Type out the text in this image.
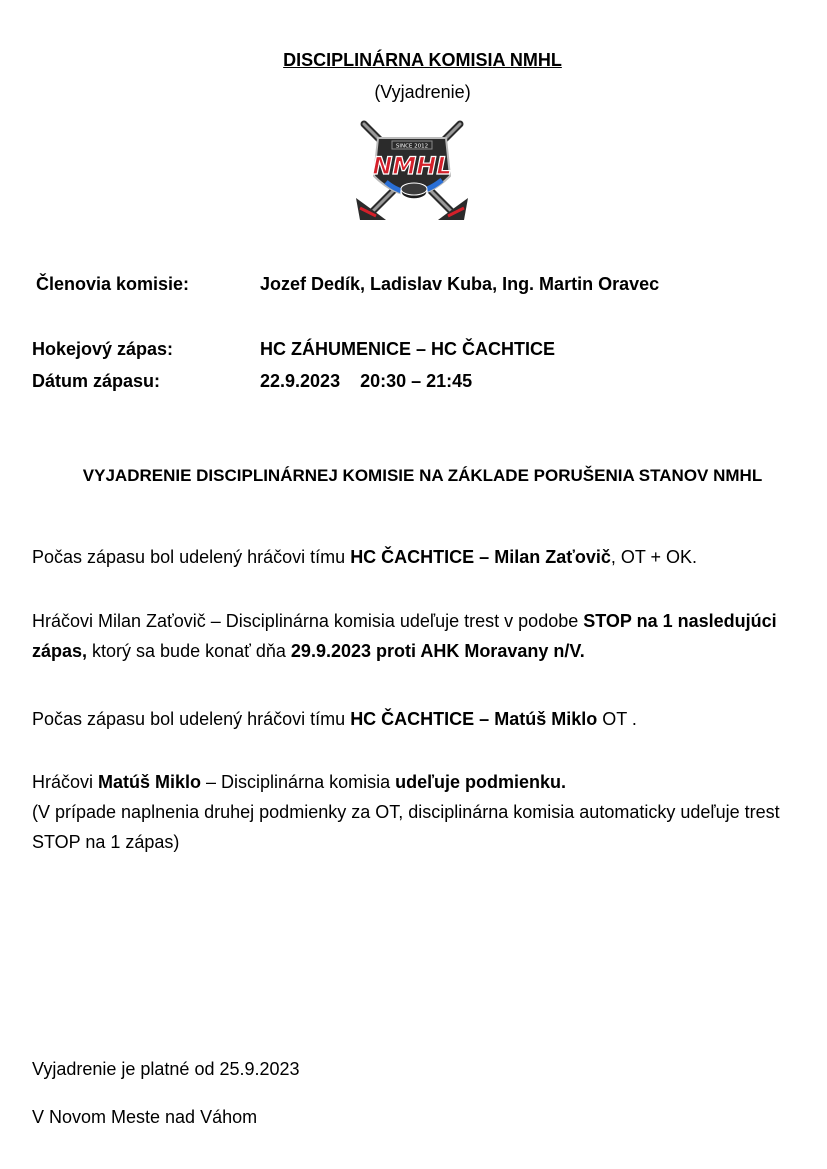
DISCIPLINÁRNA KOMISIA NMHL
(Vyjadrenie)
SINCE 2012
NMHL
Členovia komisie:	Jozef Dedík, Ladislav Kuba, Ing. Martin Oravec
Hokejový zápas:	HC ZÁHUMENICE – HC ČACHTICE
Dátum zápasu:	22.9.2023    20:30 – 21:45
VYJADRENIE DISCIPLINÁRNEJ KOMISIE NA ZÁKLADE PORUŠENIA STANOV NMHL
Počas zápasu bol udelený hráčovi tímu HC ČACHTICE – Milan Zaťovič, OT + OK.
Hráčovi Milan Zaťovič – Disciplinárna komisia udeľuje trest v podobe STOP na 1 nasledujúci zápas, ktorý sa bude konať dňa 29.9.2023 proti AHK Moravany n/V.
Počas zápasu bol udelený hráčovi tímu HC ČACHTICE – Matúš Miklo OT .
Hráčovi Matúš Miklo – Disciplinárna komisia udeľuje podmienku.
(V prípade naplnenia druhej podmienky za OT, disciplinárna komisia automaticky udeľuje trest STOP na 1 zápas)
Vyjadrenie je platné od 25.9.2023
V Novom Meste nad Váhom
